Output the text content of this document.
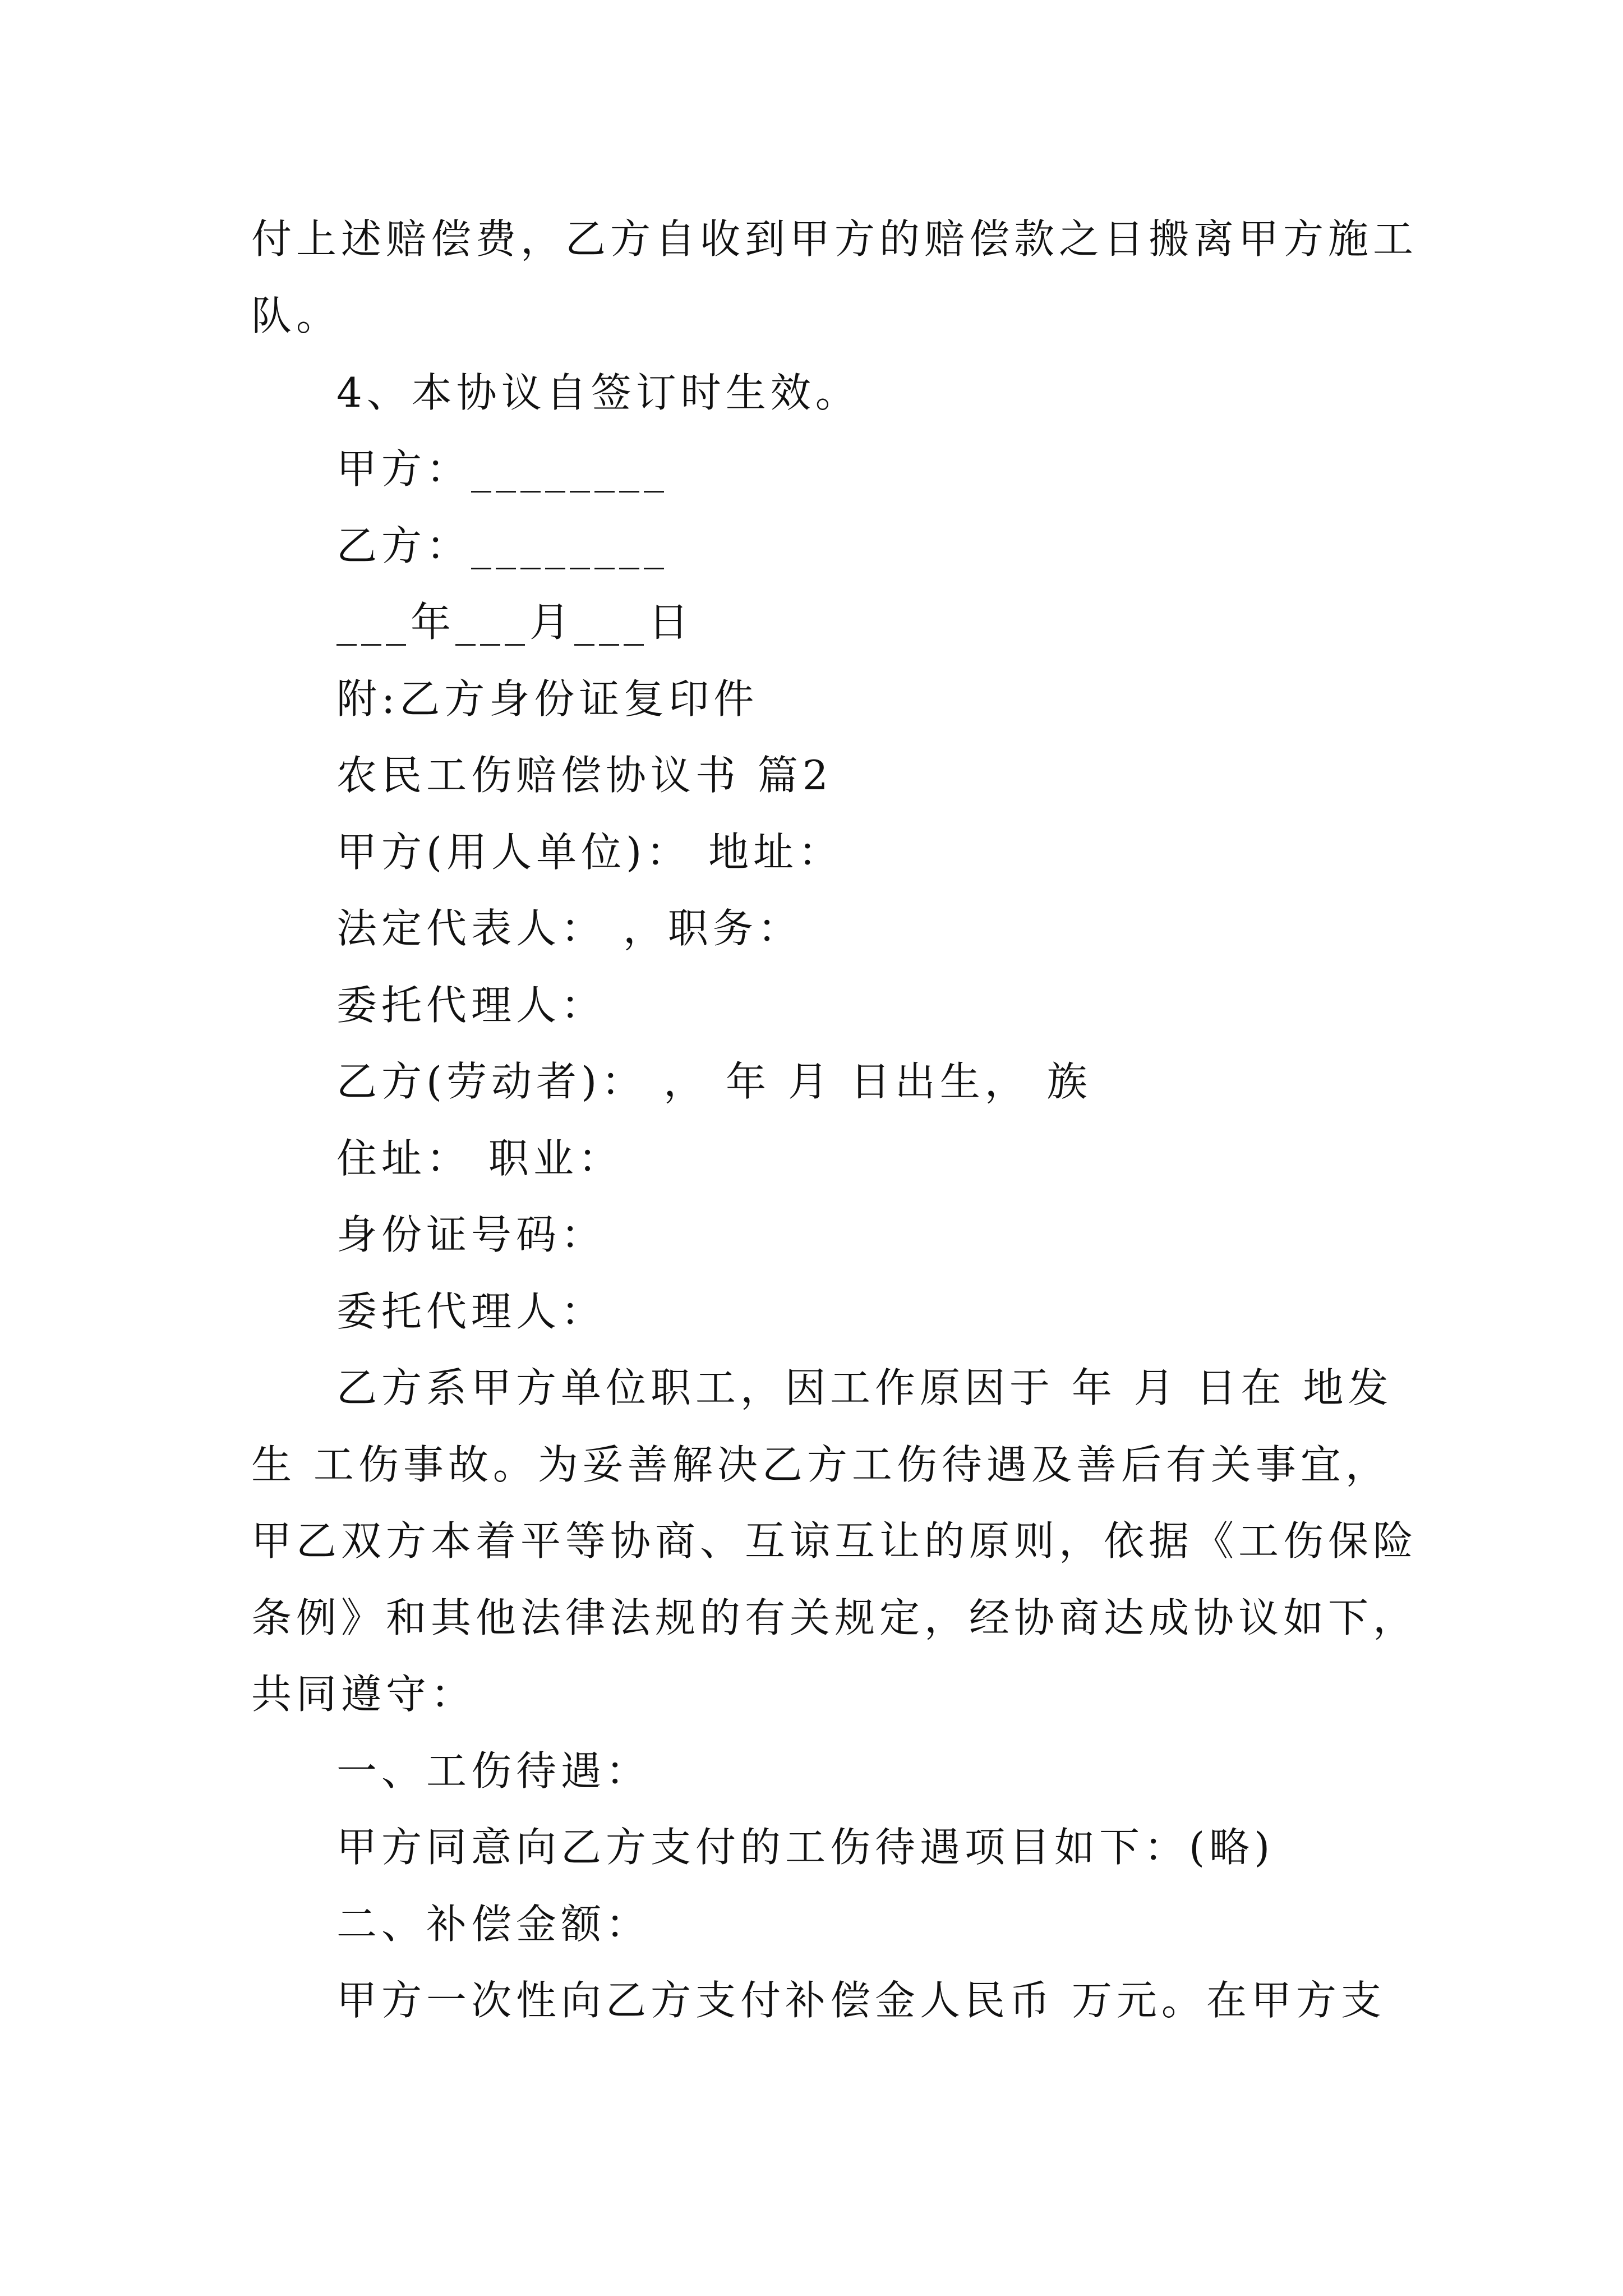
付上述赔偿费，乙方自收到甲方的赔偿款之日搬离甲方施工
队。
4、本协议自签订时生效。
甲方：________
乙方：________
___年___月___日
附:乙方身份证复印件
农民工伤赔偿协议书 篇2
甲方(用人单位)： 地址：
法定代表人： ，职务：
委托代理人：
乙方(劳动者)： ， 年 月 日出生， 族
住址： 职业：
身份证号码：
委托代理人：
乙方系甲方单位职工，因工作原因于 年 月 日在 地发
生 工伤事故。为妥善解决乙方工伤待遇及善后有关事宜，
甲乙双方本着平等协商、互谅互让的原则，依据《工伤保险
条例》和其他法律法规的有关规定，经协商达成协议如下，
共同遵守：
一、工伤待遇：
甲方同意向乙方支付的工伤待遇项目如下：(略)
二、补偿金额：
甲方一次性向乙方支付补偿金人民币 万元。在甲方支
